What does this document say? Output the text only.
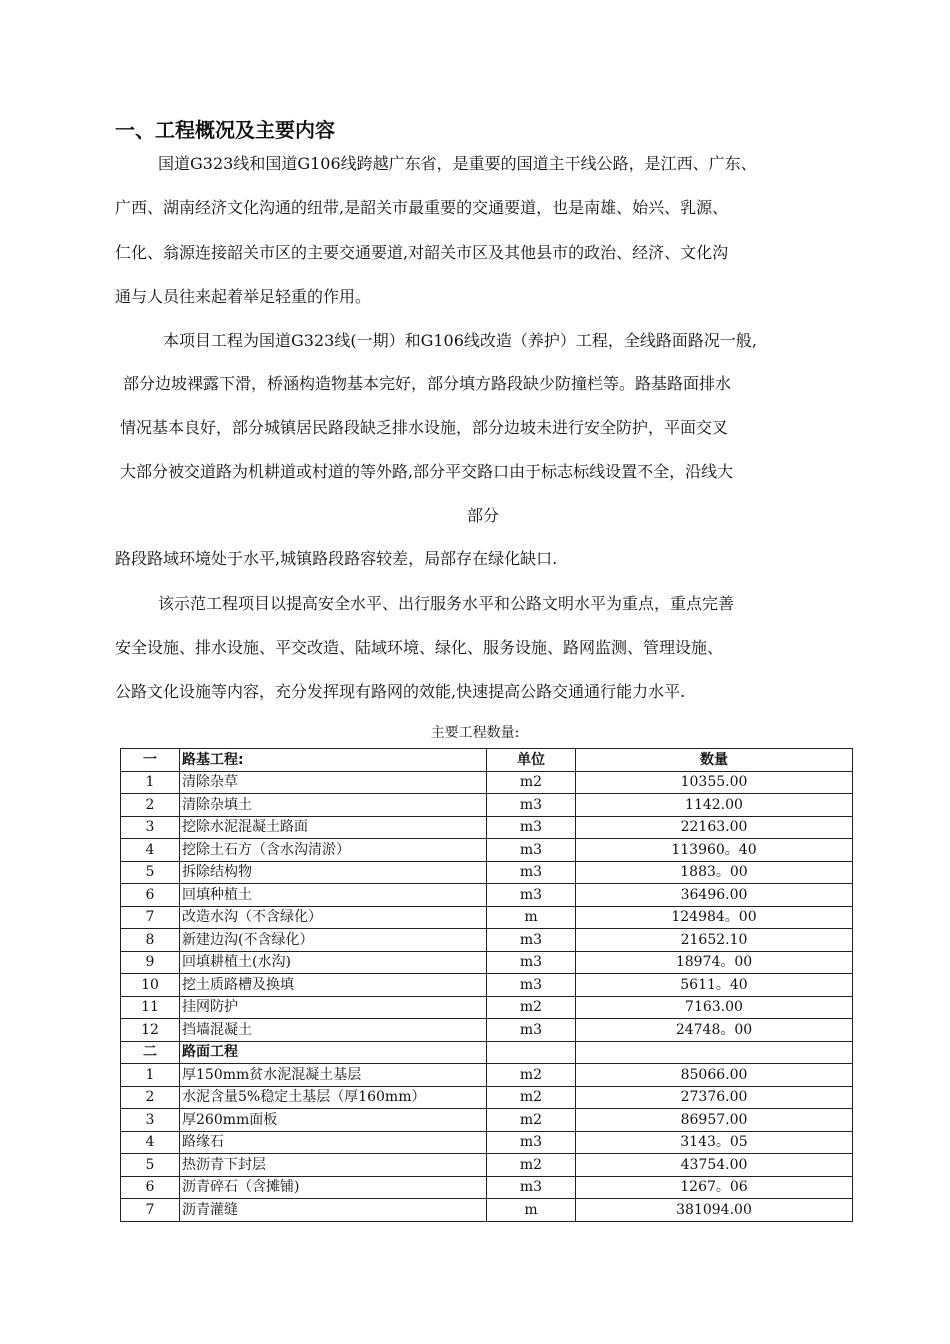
一、工程概况及主要内容
国道G323线和国道G106线跨越广东省，是重要的国道主干线公路，是江西、广东、
广西、湖南经济文化沟通的纽带,是韶关市最重要的交通要道，也是南雄、始兴、乳源、
仁化、翁源连接韶关市区的主要交通要道,对韶关市区及其他县市的政治、经济、文化沟
通与人员往来起着举足轻重的作用。
本项目工程为国道G323线(一期）和G106线改造（养护）工程，全线路面路况一般,
部分边坡裸露下滑，桥涵构造物基本完好，部分填方路段缺少防撞栏等。路基路面排水
情况基本良好，部分城镇居民路段缺乏排水设施，部分边坡未进行安全防护，平面交叉
大部分被交道路为机耕道或村道的等外路,部分平交路口由于标志标线设置不全，沿线大
部分
路段路域环境处于水平,城镇路段路容较差，局部存在绿化缺口.
该示范工程项目以提高安全水平、出行服务水平和公路文明水平为重点，重点完善
安全设施、排水设施、平交改造、陆域环境、绿化、服务设施、路网监测、管理设施、
公路文化设施等内容，充分发挥现有路网的效能,快速提高公路交通通行能力水平.
主要工程数量:
一	路基工程:	单位	数量
1	清除杂草	m2	10355.00
2	清除杂填土	m3	1142.00
3	挖除水泥混凝土路面	m3	22163.00
4	挖除土石方（含水沟清淤）	m3	113960。40
5	拆除结构物	m3	1883。00
6	回填种植土	m3	36496.00
7	改造水沟（不含绿化）	m	124984。00
8	新建边沟(不含绿化）	m3	21652.10
9	回填耕植土(水沟)	m3	18974。00
10	挖土质路槽及换填	m3	5611。40
11	挂网防护	m2	7163.00
12	挡墙混凝土	m3	24748。00
二	路面工程		
1	厚150mm贫水泥混凝土基层	m2	85066.00
2	水泥含量5%稳定土基层（厚160mm）	m2	27376.00
3	厚260mm面板	m2	86957.00
4	路缘石	m3	3143。05
5	热沥青下封层	m2	43754.00
6	沥青碎石（含摊铺)	m3	1267。06
7	沥青灌缝	m	381094.00
